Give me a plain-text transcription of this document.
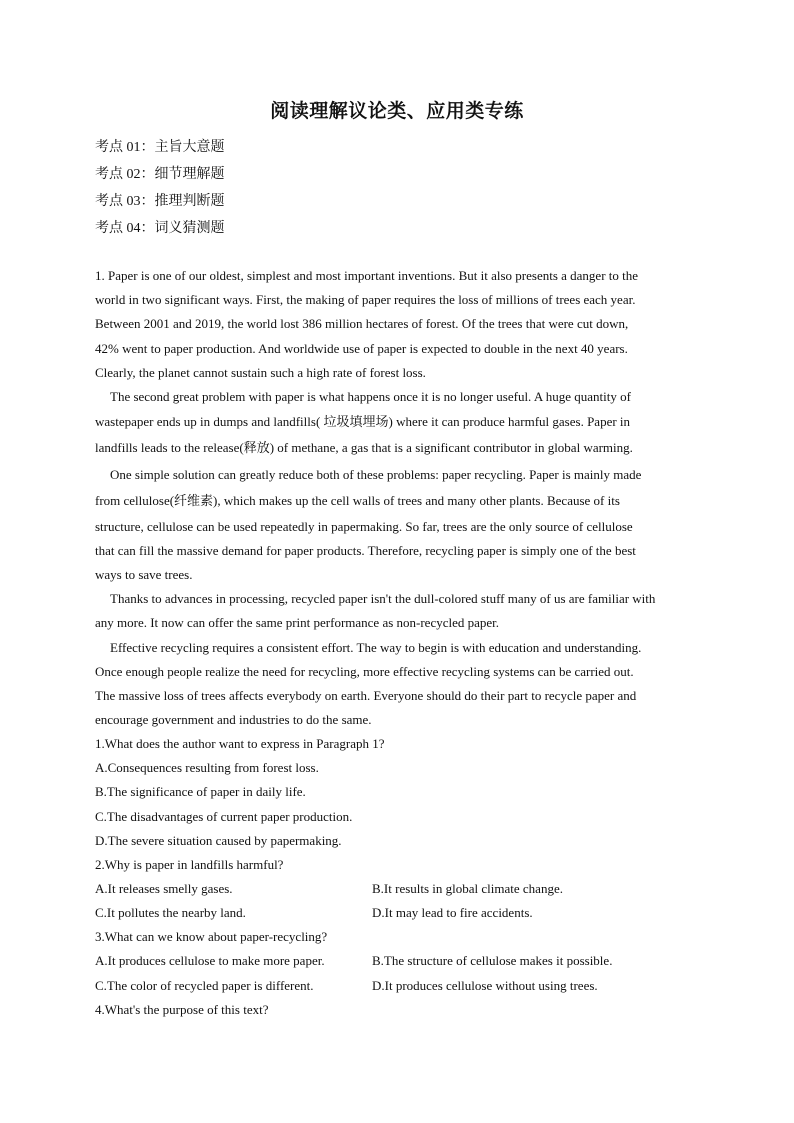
阅读理解议论类、应用类专练
考点 01：主旨大意题
考点 02：细节理解题
考点 03：推理判断题
考点 04：词义猜测题
1. Paper is one of our oldest, simplest and most important inventions. But it also presents a danger to the
world in two significant ways. First, the making of paper requires the loss of millions of trees each year.
Between 2001 and 2019, the world lost 386 million hectares of forest. Of the trees that were cut down,
42% went to paper production. And worldwide use of paper is expected to double in the next 40 years.
Clearly, the planet cannot sustain such a high rate of forest loss.
The second great problem with paper is what happens once it is no longer useful. A huge quantity of
wastepaper ends up in dumps and landfills( 垃圾填埋场) where it can produce harmful gases. Paper in
landfills leads to the release(释放) of methane, a gas that is a significant contributor in global warming.
One simple solution can greatly reduce both of these problems: paper recycling. Paper is mainly made
from cellulose(纤维素), which makes up the cell walls of trees and many other plants. Because of its
structure, cellulose can be used repeatedly in papermaking. So far, trees are the only source of cellulose
that can fill the massive demand for paper products. Therefore, recycling paper is simply one of the best
ways to save trees.
Thanks to advances in processing, recycled paper isn't the dull-colored stuff many of us are familiar with
any more. It now can offer the same print performance as non-recycled paper.
Effective recycling requires a consistent effort. The way to begin is with education and understanding.
Once enough people realize the need for recycling, more effective recycling systems can be carried out.
The massive loss of trees affects everybody on earth. Everyone should do their part to recycle paper and
encourage government and industries to do the same.
1.What does the author want to express in Paragraph 1?
A.Consequences resulting from forest loss.
B.The significance of paper in daily life.
C.The disadvantages of current paper production.
D.The severe situation caused by papermaking.
2.Why is paper in landfills harmful?
A.It releases smelly gases.	B.It results in global climate change.
C.It pollutes the nearby land.	D.It may lead to fire accidents.
3.What can we know about paper-recycling?
A.It produces cellulose to make more paper.	B.The structure of cellulose makes it possible.
C.The color of recycled paper is different.	D.It produces cellulose without using trees.
4.What's the purpose of this text?
